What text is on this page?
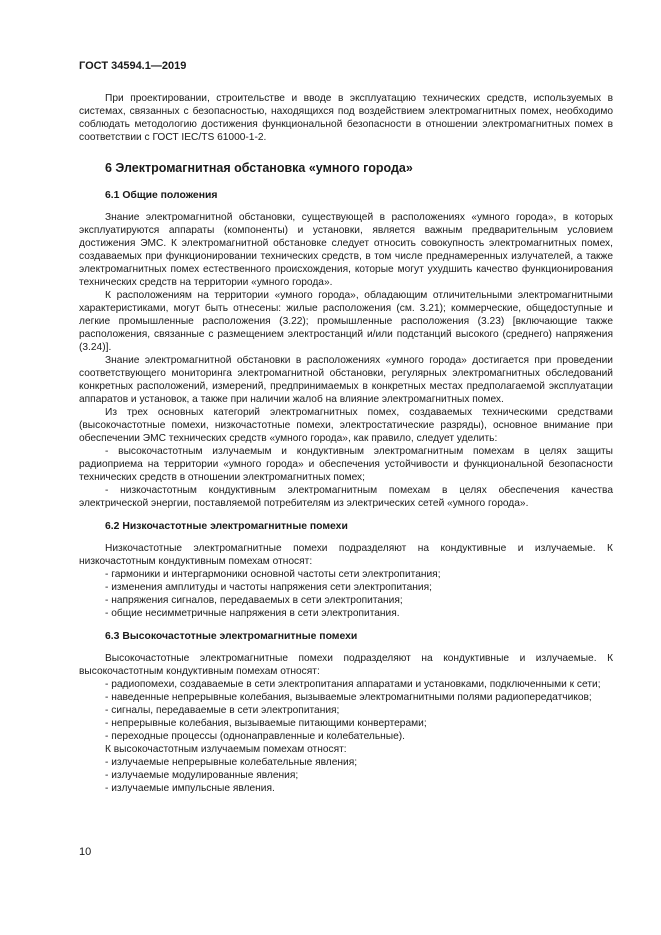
ГОСТ 34594.1—2019

При проектировании, строительстве и вводе в эксплуатацию технических средств, используемых в системах, связанных с безопасностью, находящихся под воздействием электромагнитных помех, необходимо соблюдать методологию достижения функциональной безопасности в отношении электромагнитных помех в соответствии с ГОСТ IEC/TS 61000-1-2.

6 Электромагнитная обстановка «умного города»

6.1 Общие положения

Знание электромагнитной обстановки, существующей в расположениях «умного города», в которых эксплуатируются аппараты (компоненты) и установки, является важным предварительным условием достижения ЭМС. К электромагнитной обстановке следует относить совокупность электромагнитных помех, создаваемых при функционировании технических средств, в том числе преднамеренных излучателей, а также электромагнитных помех естественного происхождения, которые могут ухудшить качество функционирования технических средств на территории «умного города».

К расположениям на территории «умного города», обладающим отличительными электромагнитными характеристиками, могут быть отнесены: жилые расположения (см. 3.21); коммерческие, общедоступные и легкие промышленные расположения (3.22); промышленные расположения (3.23) [включающие также расположения, связанные с размещением электростанций и/или подстанций высокого (среднего) напряжения (3.24)].

Знание электромагнитной обстановки в расположениях «умного города» достигается при проведении соответствующего мониторинга электромагнитной обстановки, регулярных электромагнитных обследований конкретных расположений, измерений, предпринимаемых в конкретных местах предполагаемой эксплуатации аппаратов и установок, а также при наличии жалоб на влияние электромагнитных помех.

Из трех основных категорий электромагнитных помех, создаваемых техническими средствами (высокочастотные помехи, низкочастотные помехи, электростатические разряды), основное внимание при обеспечении ЭМС технических средств «умного города», как правило, следует уделить:

- высокочастотным излучаемым и кондуктивным электромагнитным помехам в целях защиты радиоприема на территории «умного города» и обеспечения устойчивости и функциональной безопасности технических средств в отношении электромагнитных помех;

- низкочастотным кондуктивным электромагнитным помехам в целях обеспечения качества электрической энергии, поставляемой потребителям из электрических сетей «умного города».

6.2 Низкочастотные электромагнитные помехи

Низкочастотные электромагнитные помехи подразделяют на кондуктивные и излучаемые. К низкочастотным кондуктивным помехам относят:

- гармоники и интергармоники основной частоты сети электропитания;

- изменения амплитуды и частоты напряжения сети электропитания;

- напряжения сигналов, передаваемых в сети электропитания;

- общие несимметричные напряжения в сети электропитания.

6.3 Высокочастотные электромагнитные помехи

Высокочастотные электромагнитные помехи подразделяют на кондуктивные и излучаемые. К высокочастотным кондуктивным помехам относят:

- радиопомехи, создаваемые в сети электропитания аппаратами и установками, подключенными к сети;

- наведенные непрерывные колебания, вызываемые электромагнитными полями радиопередатчиков;

- сигналы, передаваемые в сети электропитания;

- непрерывные колебания, вызываемые питающими конвертерами;

- переходные процессы (однонаправленные и колебательные).

К высокочастотным излучаемым помехам относят:

- излучаемые непрерывные колебательные явления;

- излучаемые модулированные явления;

- излучаемые импульсные явления.

10
